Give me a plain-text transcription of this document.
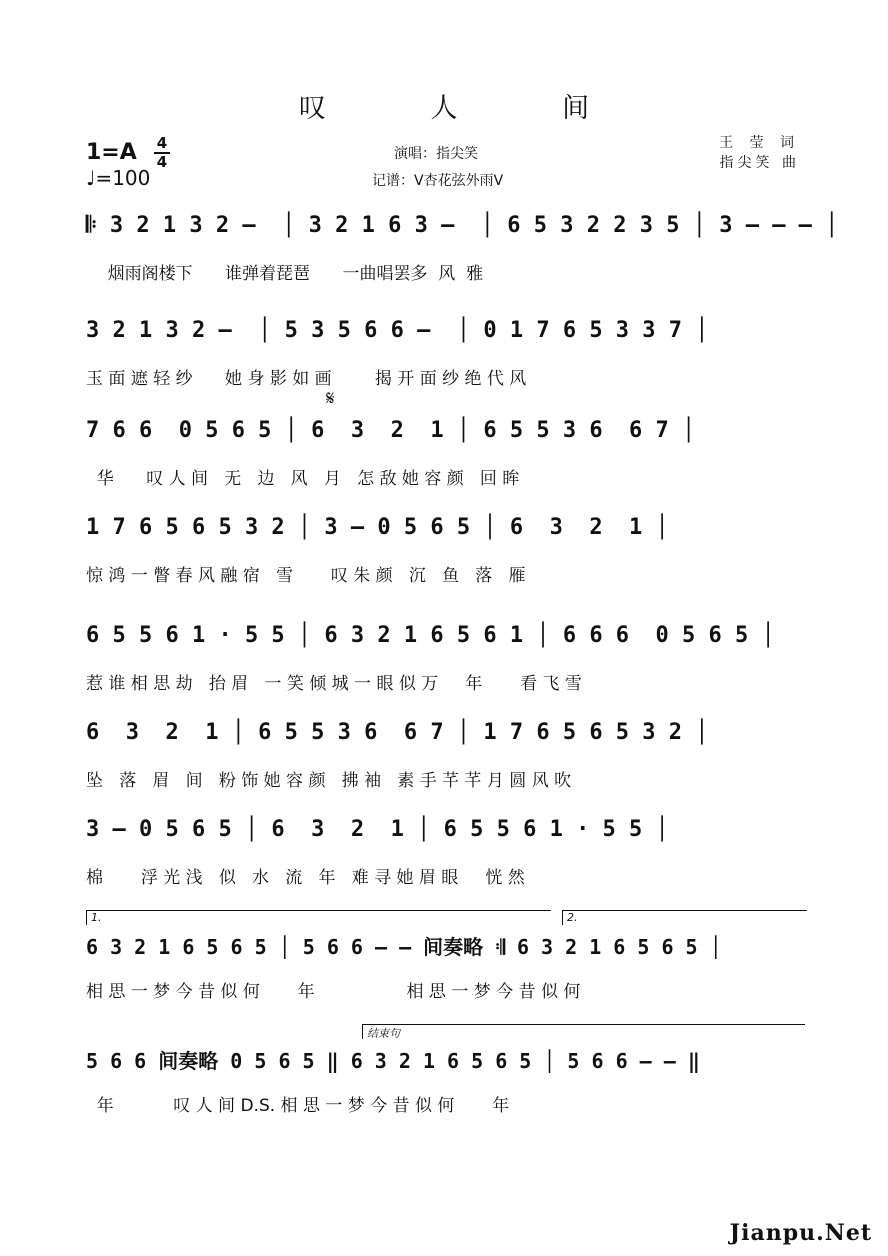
叹 人 间
1=A 4
4
♩=100
演唱：指尖笑
记谱：V杏花弦外雨V
王 莹 词
指尖笑 曲
𝄋
1.	2.
结束句
𝄆 3 2 1 3 2 –  │ 3 2 1 6 3 –  │ 6 5 3 2 2 3 5 │ 3 – – – │
烟雨阁楼下      谁弹着琵琶      一曲唱罢多  风  雅
3 2 1 3 2 –  │ 5 3 5 6 6 –  │ 0 1 7 6 5 3 3 7 │
玉 面 遮 轻 纱      她 身 影 如 画        揭 开 面 纱 绝 代 风
7 6 6  0 5 6 5 │ 6  3  2  1 │ 6 5 5 3 6  6 7 │
华      叹 人 间   无   边   风   月   怎 敌 她 容 颜   回 眸
1 7 6 5 6 5 3 2 │ 3 – 0 5 6 5 │ 6  3  2  1 │
惊 鸿 一 瞥 春 风 融 宿   雪       叹 朱 颜   沉   鱼   落   雁
6 5 5 6 1 · 5 5 │ 6 3 2 1 6 5 6 1 │ 6 6 6  0 5 6 5 │
惹 谁 相 思 劫   抬 眉   一 笑 倾 城 一 眼 似 万     年       看 飞 雪
6  3  2  1 │ 6 5 5 3 6  6 7 │ 1 7 6 5 6 5 3 2 │
坠   落   眉   间   粉 饰 她 容 颜   拂 袖   素 手 芊 芊 月 圆 风 吹
3 – 0 5 6 5 │ 6  3  2  1 │ 6 5 5 6 1 · 5 5 │
棉       浮 光 浅   似   水   流   年   难 寻 她 眉 眼     恍 然
6 3 2 1 6 5 6 5 │ 5 6 6 – – 间奏略 𝄇 6 3 2 1 6 5 6 5 │
相 思 一 梦 今 昔 似 何       年                 相 思 一 梦 今 昔 似 何
5 6 6 间奏略 0 5 6 5 ‖ 6 3 2 1 6 5 6 5 │ 5 6 6 – – ‖
年           叹 人 间 D.S. 相 思 一 梦 今 昔 似 何       年
Jianpu.Net
